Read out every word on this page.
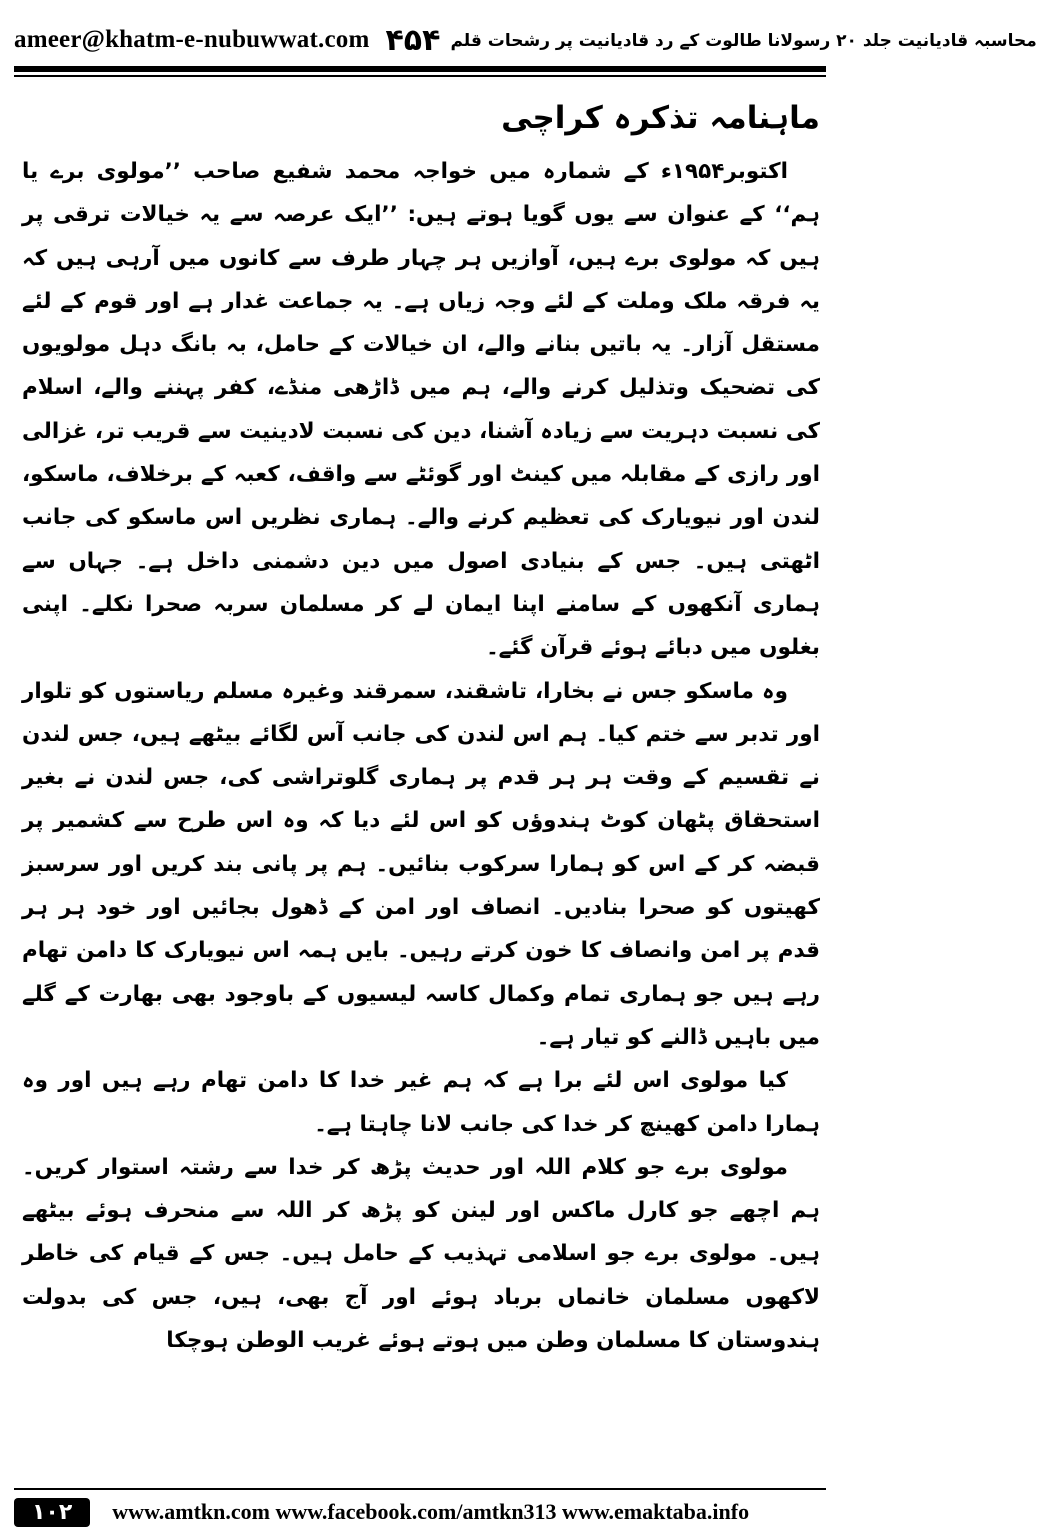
ameer@khatm-e-nubuwwat.com ۴۵۴ محاسبہ قادیانیت جلد ۲۰ رسولانا طالوت کے رد قادیانیت پر رشحات قلم
ماہنامہ تذکرہ کراچی

اکتوبر۱۹۵۴ء کے شمارہ میں خواجہ محمد شفیع صاحب ’’مولوی برے یا ہم‘‘ کے عنوان سے یوں گویا ہوتے ہیں: ’’ایک عرصہ سے یہ خیالات ترقی پر ہیں کہ مولوی برے ہیں، آوازیں ہر چہار طرف سے کانوں میں آرہی ہیں کہ یہ فرقہ ملک وملت کے لئے وجہ زیاں ہے۔ یہ جماعت غدار ہے اور قوم کے لئے مستقل آزار۔ یہ باتیں بنانے والے، ان خیالات کے حامل، بہ بانگ دہل مولویوں کی تضحیک وتذلیل کرنے والے، ہم میں ڈاڑھی منڈے، کفر پہننے والے، اسلام کی نسبت دہریت سے زیادہ آشنا، دین کی نسبت لادینیت سے قریب تر، غزالی اور رازی کے مقابلہ میں کینٹ اور گوئٹے سے واقف، کعبہ کے برخلاف، ماسکو، لندن اور نیویارک کی تعظیم کرنے والے۔ ہماری نظریں اس ماسکو کی جانب اٹھتی ہیں۔ جس کے بنیادی اصول میں دین دشمنی داخل ہے۔ جہاں سے ہماری آنکھوں کے سامنے اپنا ایمان لے کر مسلمان سربہ صحرا نکلے۔ اپنی بغلوں میں دبائے ہوئے قرآن گئے۔

وہ ماسکو جس نے بخارا، تاشقند، سمرقند وغیرہ مسلم ریاستوں کو تلوار اور تدبر سے ختم کیا۔ ہم اس لندن کی جانب آس لگائے بیٹھے ہیں، جس لندن نے تقسیم کے وقت ہر ہر قدم پر ہماری گلوتراشی کی، جس لندن نے بغیر استحقاق پٹھان کوٹ ہندوؤں کو اس لئے دیا کہ وہ اس طرح سے کشمیر پر قبضہ کر کے اس کو ہمارا سرکوب بنائیں۔ ہم پر پانی بند کریں اور سرسبز کھیتوں کو صحرا بنادیں۔ انصاف اور امن کے ڈھول بجائیں اور خود ہر ہر قدم پر امن وانصاف کا خون کرتے رہیں۔ بایں ہمہ اس نیویارک کا دامن تھام رہے ہیں جو ہماری تمام وکمال کاسہ لیسیوں کے باوجود بھی بھارت کے گلے میں باہیں ڈالنے کو تیار ہے۔

کیا مولوی اس لئے برا ہے کہ ہم غیر خدا کا دامن تھام رہے ہیں اور وہ ہمارا دامن کھینچ کر خدا کی جانب لانا چاہتا ہے۔

مولوی برے جو کلام اللہ اور حدیث پڑھ کر خدا سے رشتہ استوار کریں۔ ہم اچھے جو کارل ماکس اور لینن کو پڑھ کر اللہ سے منحرف ہوئے بیٹھے ہیں۔ مولوی برے جو اسلامی تہذیب کے حامل ہیں۔ جس کے قیام کی خاطر لاکھوں مسلمان خانماں برباد ہوئے اور آج بھی، ہیں، جس کی بدولت ہندوستان کا مسلمان وطن میں ہوتے ہوئے غریب الوطن ہوچکا

۱۰۲	www.amtkn.com www.facebook.com/amtkn313 www.emaktaba.info
